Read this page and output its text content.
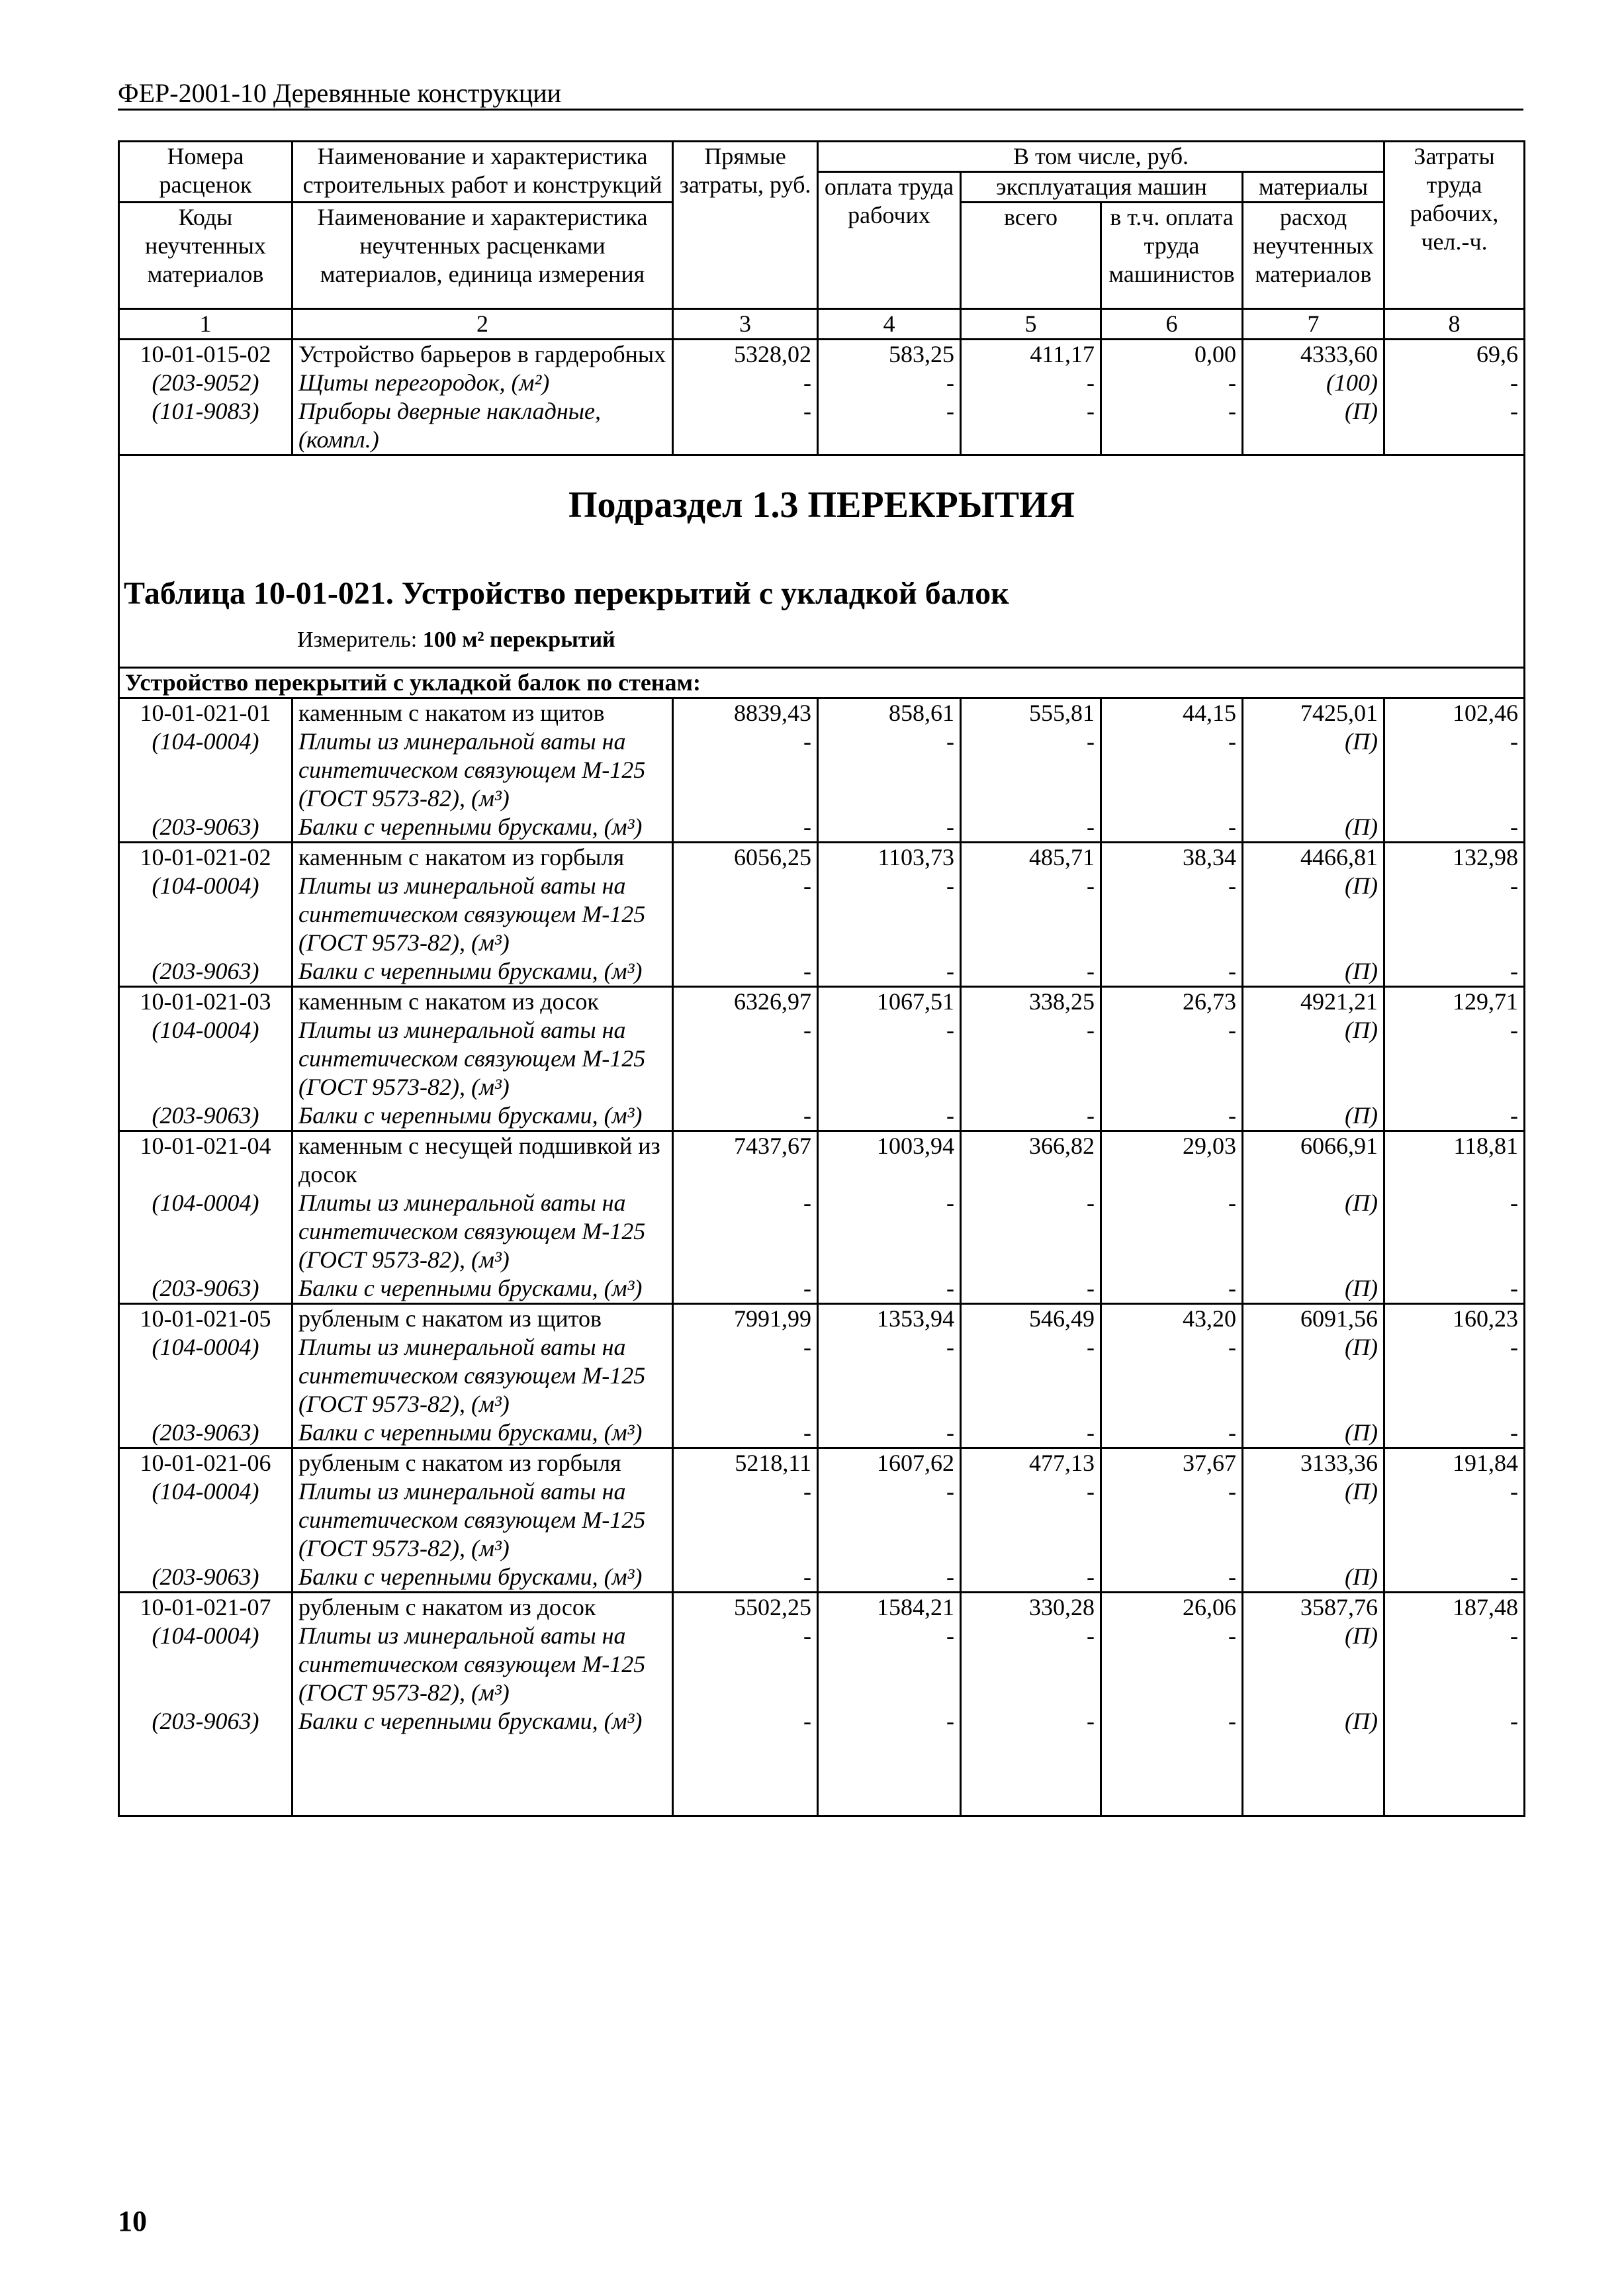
ФЕР-2001-10 Деревянные конструкции
Номера расценок	Наименование и характеристика строительных работ и конструкций	Прямые затраты, руб.	В том числе, руб.				Затраты труда рабочих, чел.-ч.
			оплата труда рабочих	эксплуатация машин		материалы	
Коды неучтенных материалов	Наименование и характеристика неучтенных расценками материалов, единица измерения			всего	в т.ч. оплата труда машинистов	расход неучтенных материалов	
1	2	3	4	5	6	7	8
10-01-015-02	Устройство барьеров в гардеробных	5328,02	583,25	411,17	0,00	4333,60	69,6
(203-9052)	Щиты перегородок, (м²)	-	-	-	-	(100)	-
(101-9083)	Приборы дверные накладные, (компл.)	-	-	-	-	(П)	-

Подраздел 1.3 ПЕРЕКРЫТИЯ
Таблица 10-01-021. Устройство перекрытий с укладкой балок
Измеритель: 100 м² перекрытий							

Устройство перекрытий с укладкой балок по стенам:							
10-01-021-01	каменным с накатом из щитов	8839,43	858,61	555,81	44,15	7425,01	102,46
(104-0004)	Плиты из минеральной ваты на синтетическом связующем М-125 (ГОСТ 9573-82), (м³)	-	-	-	-	(П)	-
(203-9063)	Балки с черепными брусками, (м³)	-	-	-	-	(П)	-
10-01-021-02	каменным с накатом из горбыля	6056,25	1103,73	485,71	38,34	4466,81	132,98
(104-0004)	Плиты из минеральной ваты на синтетическом связующем М-125 (ГОСТ 9573-82), (м³)	-	-	-	-	(П)	-
(203-9063)	Балки с черепными брусками, (м³)	-	-	-	-	(П)	-
10-01-021-03	каменным с накатом из досок	6326,97	1067,51	338,25	26,73	4921,21	129,71
(104-0004)	Плиты из минеральной ваты на синтетическом связующем М-125 (ГОСТ 9573-82), (м³)	-	-	-	-	(П)	-
(203-9063)	Балки с черепными брусками, (м³)	-	-	-	-	(П)	-
10-01-021-04	каменным с несущей подшивкой из досок	7437,67	1003,94	366,82	29,03	6066,91	118,81
(104-0004)	Плиты из минеральной ваты на синтетическом связующем М-125 (ГОСТ 9573-82), (м³)	-	-	-	-	(П)	-
(203-9063)	Балки с черепными брусками, (м³)	-	-	-	-	(П)	-
10-01-021-05	рубленым с накатом из щитов	7991,99	1353,94	546,49	43,20	6091,56	160,23
(104-0004)	Плиты из минеральной ваты на синтетическом связующем М-125 (ГОСТ 9573-82), (м³)	-	-	-	-	(П)	-
(203-9063)	Балки с черепными брусками, (м³)	-	-	-	-	(П)	-
10-01-021-06	рубленым с накатом из горбыля	5218,11	1607,62	477,13	37,67	3133,36	191,84
(104-0004)	Плиты из минеральной ваты на синтетическом связующем М-125 (ГОСТ 9573-82), (м³)	-	-	-	-	(П)	-
(203-9063)	Балки с черепными брусками, (м³)	-	-	-	-	(П)	-
10-01-021-07	рубленым с накатом из досок	5502,25	1584,21	330,28	26,06	3587,76	187,48
(104-0004)	Плиты из минеральной ваты на синтетическом связующем М-125 (ГОСТ 9573-82), (м³)	-	-	-	-	(П)	-
(203-9063)	Балки с черепными брусками, (м³)	-	-	-	-	(П)	-

10
